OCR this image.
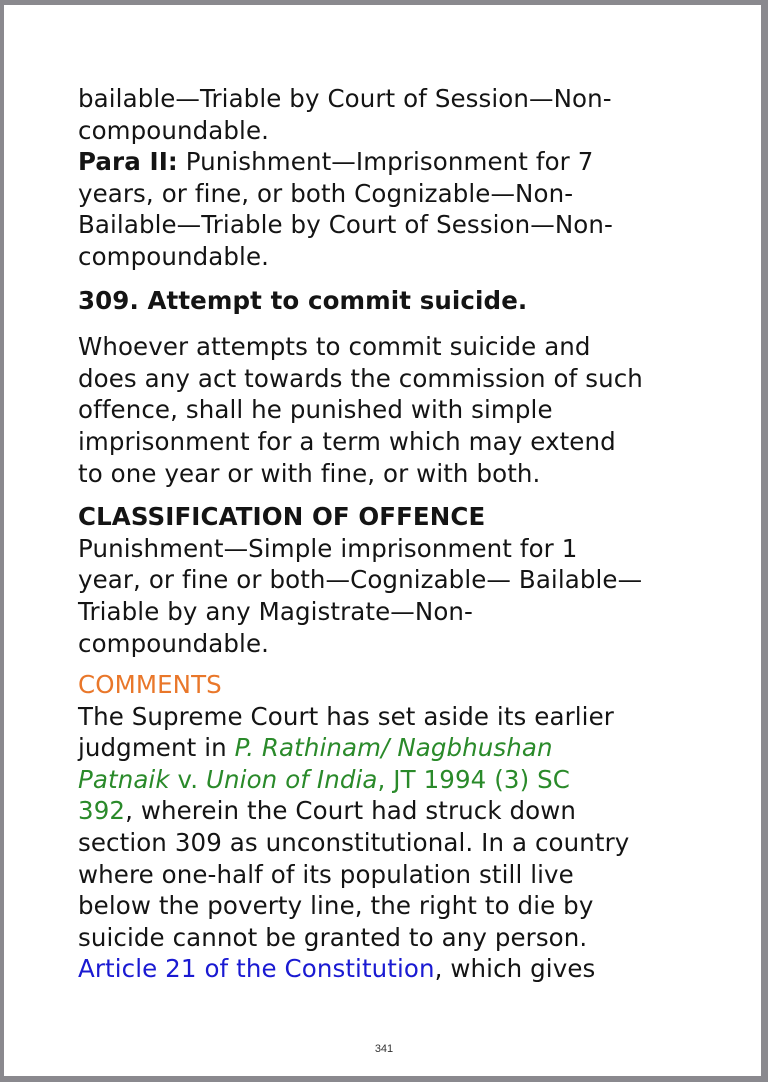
bailable—Triable by Court of Session—Non-
compoundable.

Para II: Punishment—Imprisonment for 7
years, or fine, or both Cognizable—Non-
Bailable—Triable by Court of Session—Non-
compoundable.

309. Attempt to commit suicide.

Whoever attempts to commit suicide and
does any act towards the commission of such
offence, shall he punished with simple
imprisonment for a term which may extend
to one year or with fine, or with both.

CLASSIFICATION OF OFFENCE

Punishment—Simple imprisonment for 1
year, or fine or both—Cognizable— Bailable—
Triable by any Magistrate—Non-
compoundable.

COMMENTS

The Supreme Court has set aside its earlier
judgment in P. Rathinam/ Nagbhushan
Patnaik v. Union of India, JT 1994 (3) SC
392, wherein the Court had struck down
section 309 as unconstitutional. In a country
where one-half of its population still live
below the poverty line, the right to die by
suicide cannot be granted to any person.
Article 21 of the Constitution, which gives

341
